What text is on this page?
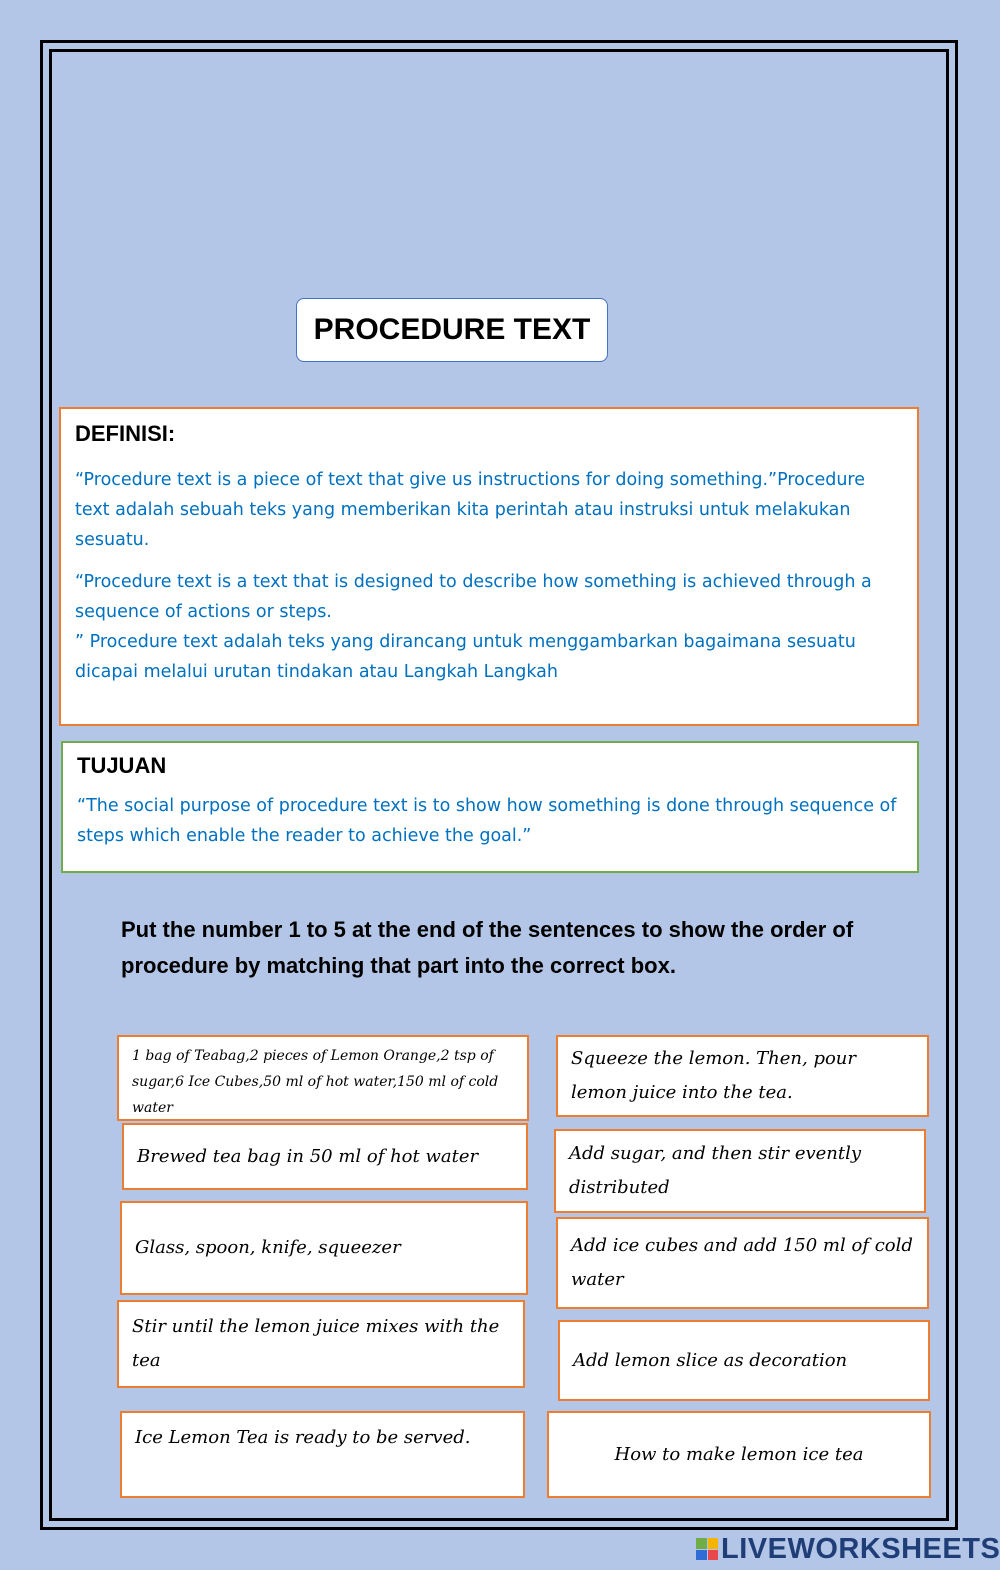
PROCEDURE TEXT
DEFINISI:

“Procedure text is a piece of text that give us instructions for doing something.”Procedure text adalah sebuah teks yang memberikan kita perintah atau instruksi untuk melakukan sesuatu.

“Procedure text is a text that is designed to describe how something is achieved through a sequence of actions or steps.

” Procedure text adalah teks yang dirancang untuk menggambarkan bagaimana sesuatu dicapai melalui urutan tindakan atau Langkah Langkah

TUJUAN

“The social purpose of procedure text is to show how something is done through sequence of steps which enable the reader to achieve the goal.”

Put the number 1 to 5 at the end of the sentences to show the order of procedure by matching that part into the correct box.
1 bag of Teabag,2 pieces of Lemon Orange,2 tsp of sugar,6 Ice Cubes,50 ml of hot water,150 ml of cold water
Brewed tea bag in 50 ml of hot water
Glass, spoon, knife, squeezer
Stir until the lemon juice mixes with the tea
Ice Lemon Tea is ready to be served.
Squeeze the lemon. Then, pour lemon juice into the tea.
Add sugar, and then stir evently distributed
Add ice cubes and add 150 ml of cold water
Add lemon slice as decoration
How to make lemon ice tea
LIVEWORKSHEETS
